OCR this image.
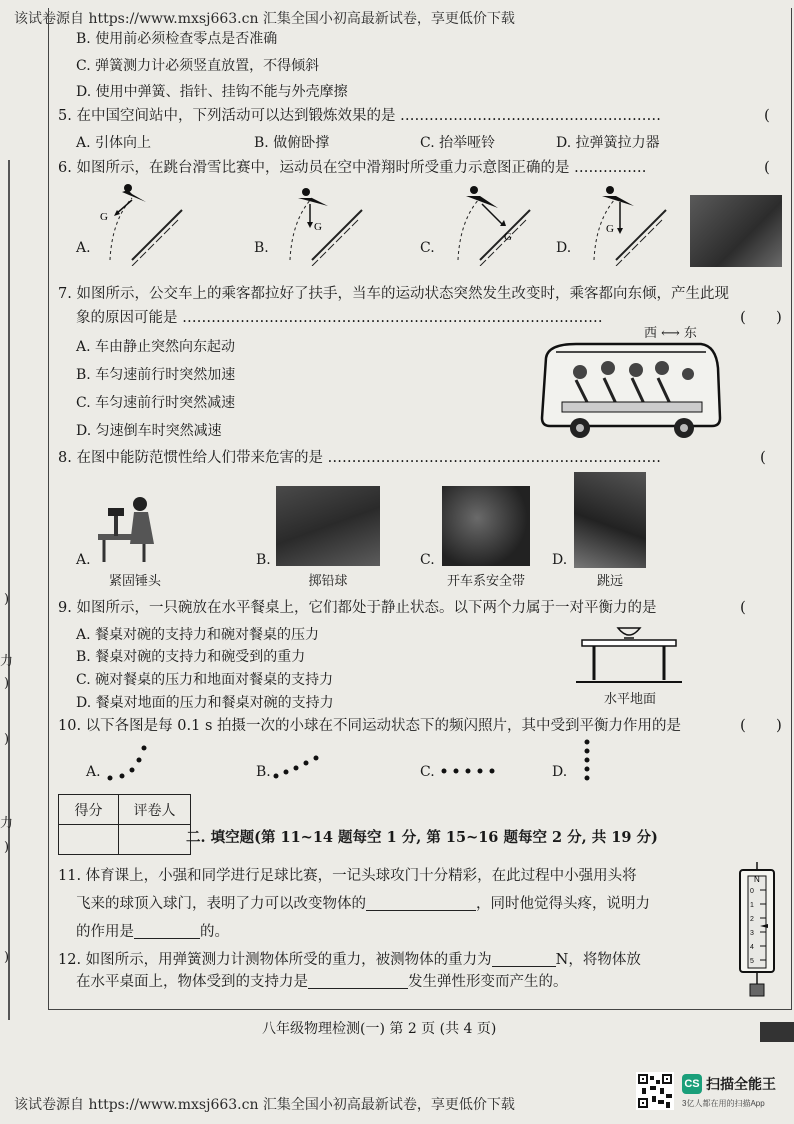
该试卷源自 https://www.mxsj663.cn 汇集全国小初高最新试卷，享更低价下载
)
力
)
)
力
)
)
B. 使用前必须检查零点是否准确
C. 弹簧测力计必须竖直放置，不得倾斜
D. 使用中弹簧、指针、挂钩不能与外壳摩擦
5. 在中国空间站中，下列活动可以达到锻炼效果的是 ………………………………………………	(
A. 引体向上	B. 做俯卧撑	C. 抬举哑铃	D. 拉弹簧拉力器
6. 如图所示，在跳台滑雪比赛中，运动员在空中滑翔时所受重力示意图正确的是 ……………	(
A.	B.	C.	D.
G
G
G
G
7. 如图所示，公交车上的乘客都拉好了扶手，当车的运动状态突然发生改变时，乘客都向东倾，产生此现
象的原因可能是 ……………………………………………………………………………	( )
A. 车由静止突然向东起动
B. 车匀速前行时突然加速
C. 车匀速前行时突然减速
D. 匀速倒车时突然减速
西 ⟷ 东
8. 在图中能防范惯性给人们带来危害的是 ……………………………………………………………	(
A.
紧固锤头
B.
掷铅球
C.
开车系安全带
D.
跳远
9. 如图所示，一只碗放在水平餐桌上，它们都处于静止状态。以下两个力属于一对平衡力的是	(
A. 餐桌对碗的支持力和碗对餐桌的压力
B. 餐桌对碗的支持力和碗受到的重力
C. 碗对餐桌的压力和地面对餐桌的支持力
D. 餐桌对地面的压力和餐桌对碗的支持力	水平地面
10. 以下各图是每 0.1 s 拍摄一次的小球在不同运动状态下的频闪照片，其中受到平衡力作用的是	( )
A.	B.	C.	D.
得分	评卷人

二. 填空题(第 11~14 题每空 1 分, 第 15~16 题每空 2 分, 共 19 分)
11. 体育课上，小强和同学进行足球比赛，一记头球攻门十分精彩，在此过程中小强用头将
飞来的球顶入球门，表明了力可以改变物体的	，同时他觉得头疼，说明力
的作用是	的。
12. 如图所示，用弹簧测力计测物体所受的重力，被测物体的重力为	N，将物体放
在水平桌面上，物体受到的支持力是	发生弹性形变而产生的。
N
0
1
2
3
4
5
八年级物理检测(一) 第 2 页 (共 4 页)
该试卷源自 https://www.mxsj663.cn 汇集全国小初高最新试卷，享更低价下载
CS 扫描全能王
3亿人都在用的扫描App
